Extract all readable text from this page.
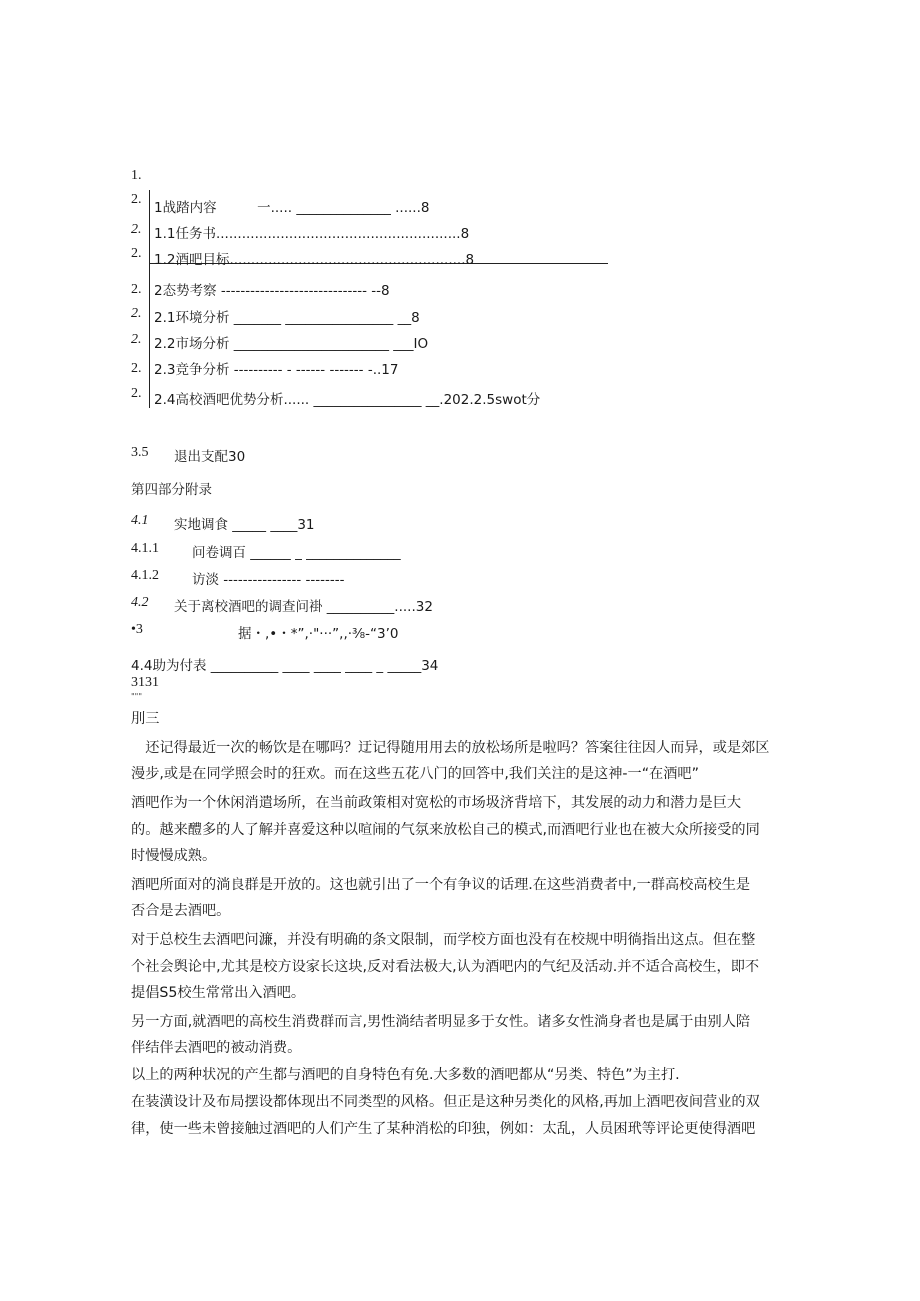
1.
2.
1战踏内容　　　一..... ______________ ......8
2. 1.1任务书.........................................................8
2. 1.2酒吧目标.......................................................8
2. 2态势考察 ------------------------------ --8
2. 2.1环境分析 _______ ________________ __8
2. 2.2市场分析 _______________________ ___IO
2. 2.3竞争分析 ---------- - ------ ------- -..17
2. 2.4高校酒吧优势分析...... ________________ __.202.2.5swot分
3.5 退出支配30
第四部分附录
4.1 实地调食 _____ ____31
4.1.1 问卷调百 ______ _ ______________
4.1.2 访淡 ---------------- --------
4.2 关于离校酒吧的调查问褂 __________.....32
•3	据・,•・*”,·"···”,,·⅜-“3’0
4.4助为付表 __________ ____ ____ ____ _ _____34
3131
"""
刖三
　还记得最近一次的畅饮是在哪吗？迂记得随用用去的放松场所是啦吗？答案往往因人而异，或是郊区
漫步,或是在同学照会时的狂欢。而在这些五花八门的回答中,我们关注的是这神-一“在酒吧”
酒吧作为一个休闲消遣场所，在当前政策相对宽松的市场圾济背培下，其发展的动力和潜力是巨大
的。越来醴多的人了解并喜爱这种以喧闹的气氛来放松自己的模式,而酒吧行业也在被大众所接受的同
时慢慢成熟。
酒吧所面对的淌良群是开放的。这也就引出了一个有争议的话理.在这些消费者中,一群高校高校生是
否合是去酒吧。
对于总校生去酒吧问濂，并没有明确的条文限制，而学校方面也没有在校规中明徜指出这点。但在整
个社会舆论中,尤其是校方设家长这块,反对看法极大,认为酒吧内的气纪及活动.并不适合高校生，即不
提倡S5校生常常出入酒吧。
另一方面,就酒吧的高校生消费群而言,男性淌结者明显多于女性。诸多女性淌身者也是属于由别人陪
伴结伴去酒吧的被动消费。
以上的两种状况的产生都与酒吧的自身特色有免.大多数的酒吧都从“另类、特色”为主打.
在装潢设计及布局摆设都体现出不同类型的风格。但正是这种另类化的风格,再加上酒吧夜间营业的双
律，使一些未曾接触过酒吧的人们产生了某种消松的印独，例如：太乱，人员困玳等评论更使得酒吧
